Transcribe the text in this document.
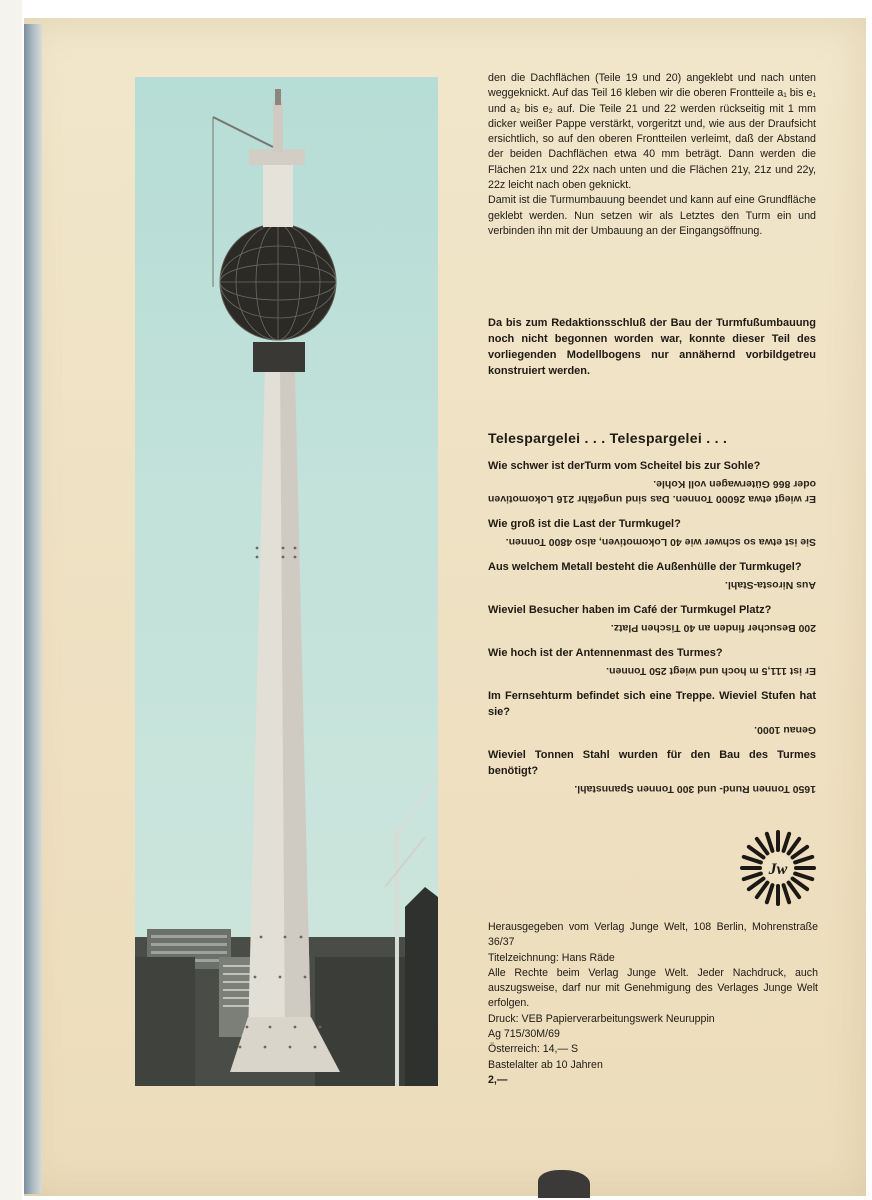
den die Dachflächen (Teile 19 und 20) angeklebt und nach unten weggeknickt. Auf das Teil 16 kleben wir die oberen Frontteile a₁ bis e₁ und a₂ bis e₂ auf. Die Teile 21 und 22 werden rückseitig mit 1 mm dicker weißer Pappe verstärkt, vorgeritzt und, wie aus der Draufsicht ersichtlich, so auf den oberen Frontteilen verleimt, daß der Abstand der beiden Dachflächen etwa 40 mm beträgt. Dann werden die Flächen 21x und 22x nach unten und die Flächen 21y, 21z und 22y, 22z leicht nach oben geknickt.

Damit ist die Turmumbauung beendet und kann auf eine Grundfläche geklebt werden. Nun setzen wir als Letztes den Turm ein und verbinden ihn mit der Umbauung an der Eingangsöffnung.

Da bis zum Redaktionsschluß der Bau der Turmfußumbauung noch nicht begonnen worden war, konnte dieser Teil des vorliegenden Modellbogens nur annähernd vorbildgetreu konstruiert werden.

Telespargelei . . . Telespargelei . . .

Wie schwer ist derTurm vom Scheitel bis zur Sohle?

Er wiegt etwa 26000 Tonnen. Das sind ungefähr 216 Lokomotiven oder 866 Güterwagen voll Kohle.

Wie groß ist die Last der Turmkugel?

Sie ist etwa so schwer wie 40 Lokomotiven, also 4800 Tonnen.

Aus welchem Metall besteht die Außenhülle der Turmkugel?

Aus Nirosta-Stahl.

Wieviel Besucher haben im Café der Turmkugel Platz?

200 Besucher finden an 40 Tischen Platz.

Wie hoch ist der Antennenmast des Turmes?

Er ist 111,5 m hoch und wiegt 250 Tonnen.

Im Fernsehturm befindet sich eine Treppe. Wieviel Stufen hat sie?

Genau 1000.

Wieviel Tonnen Stahl wurden für den Bau des Turmes benötigt?

1650 Tonnen Rund- und 300 Tonnen Spannstahl.

Jw

Herausgegeben vom Verlag Junge Welt, 108 Berlin, Mohrenstraße 36/37

Titelzeichnung: Hans Räde

Alle Rechte beim Verlag Junge Welt. Jeder Nachdruck, auch auszugsweise, darf nur mit Genehmigung des Verlages Junge Welt erfolgen.

Druck: VEB Papierverarbeitungswerk Neuruppin

Ag 715/30M/69

Österreich: 14,— S

Bastelalter ab 10 Jahren

2,—
